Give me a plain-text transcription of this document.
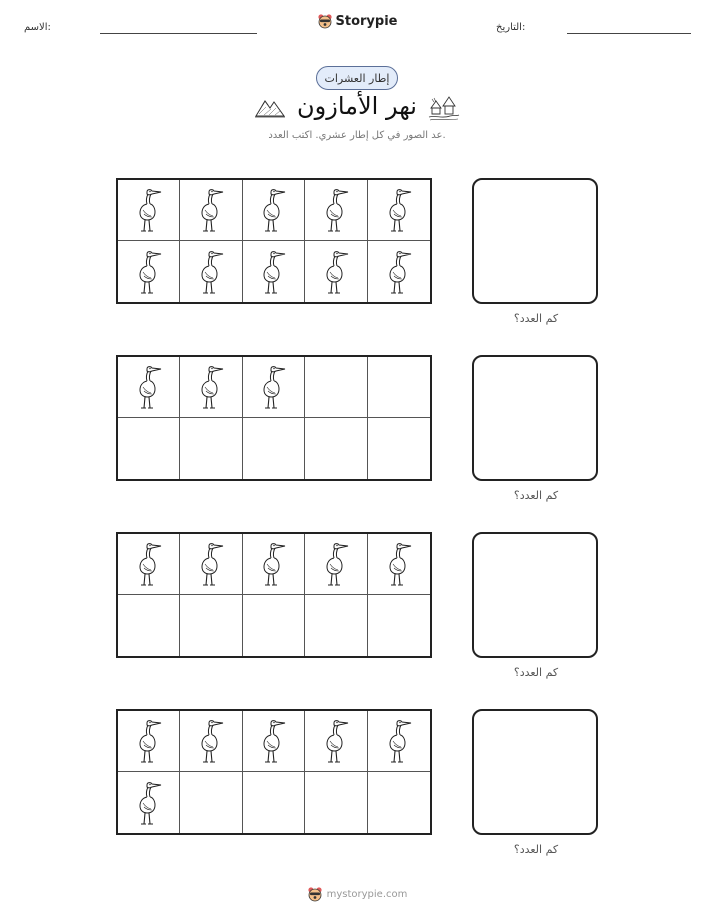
الاسم:	Storypie	التاريخ:
إطار العشرات
نهر الأمازون
عد الصور في كل إطار عشري. اكتب العدد.
كم العدد؟
كم العدد؟
كم العدد؟
كم العدد؟
mystorypie.com
